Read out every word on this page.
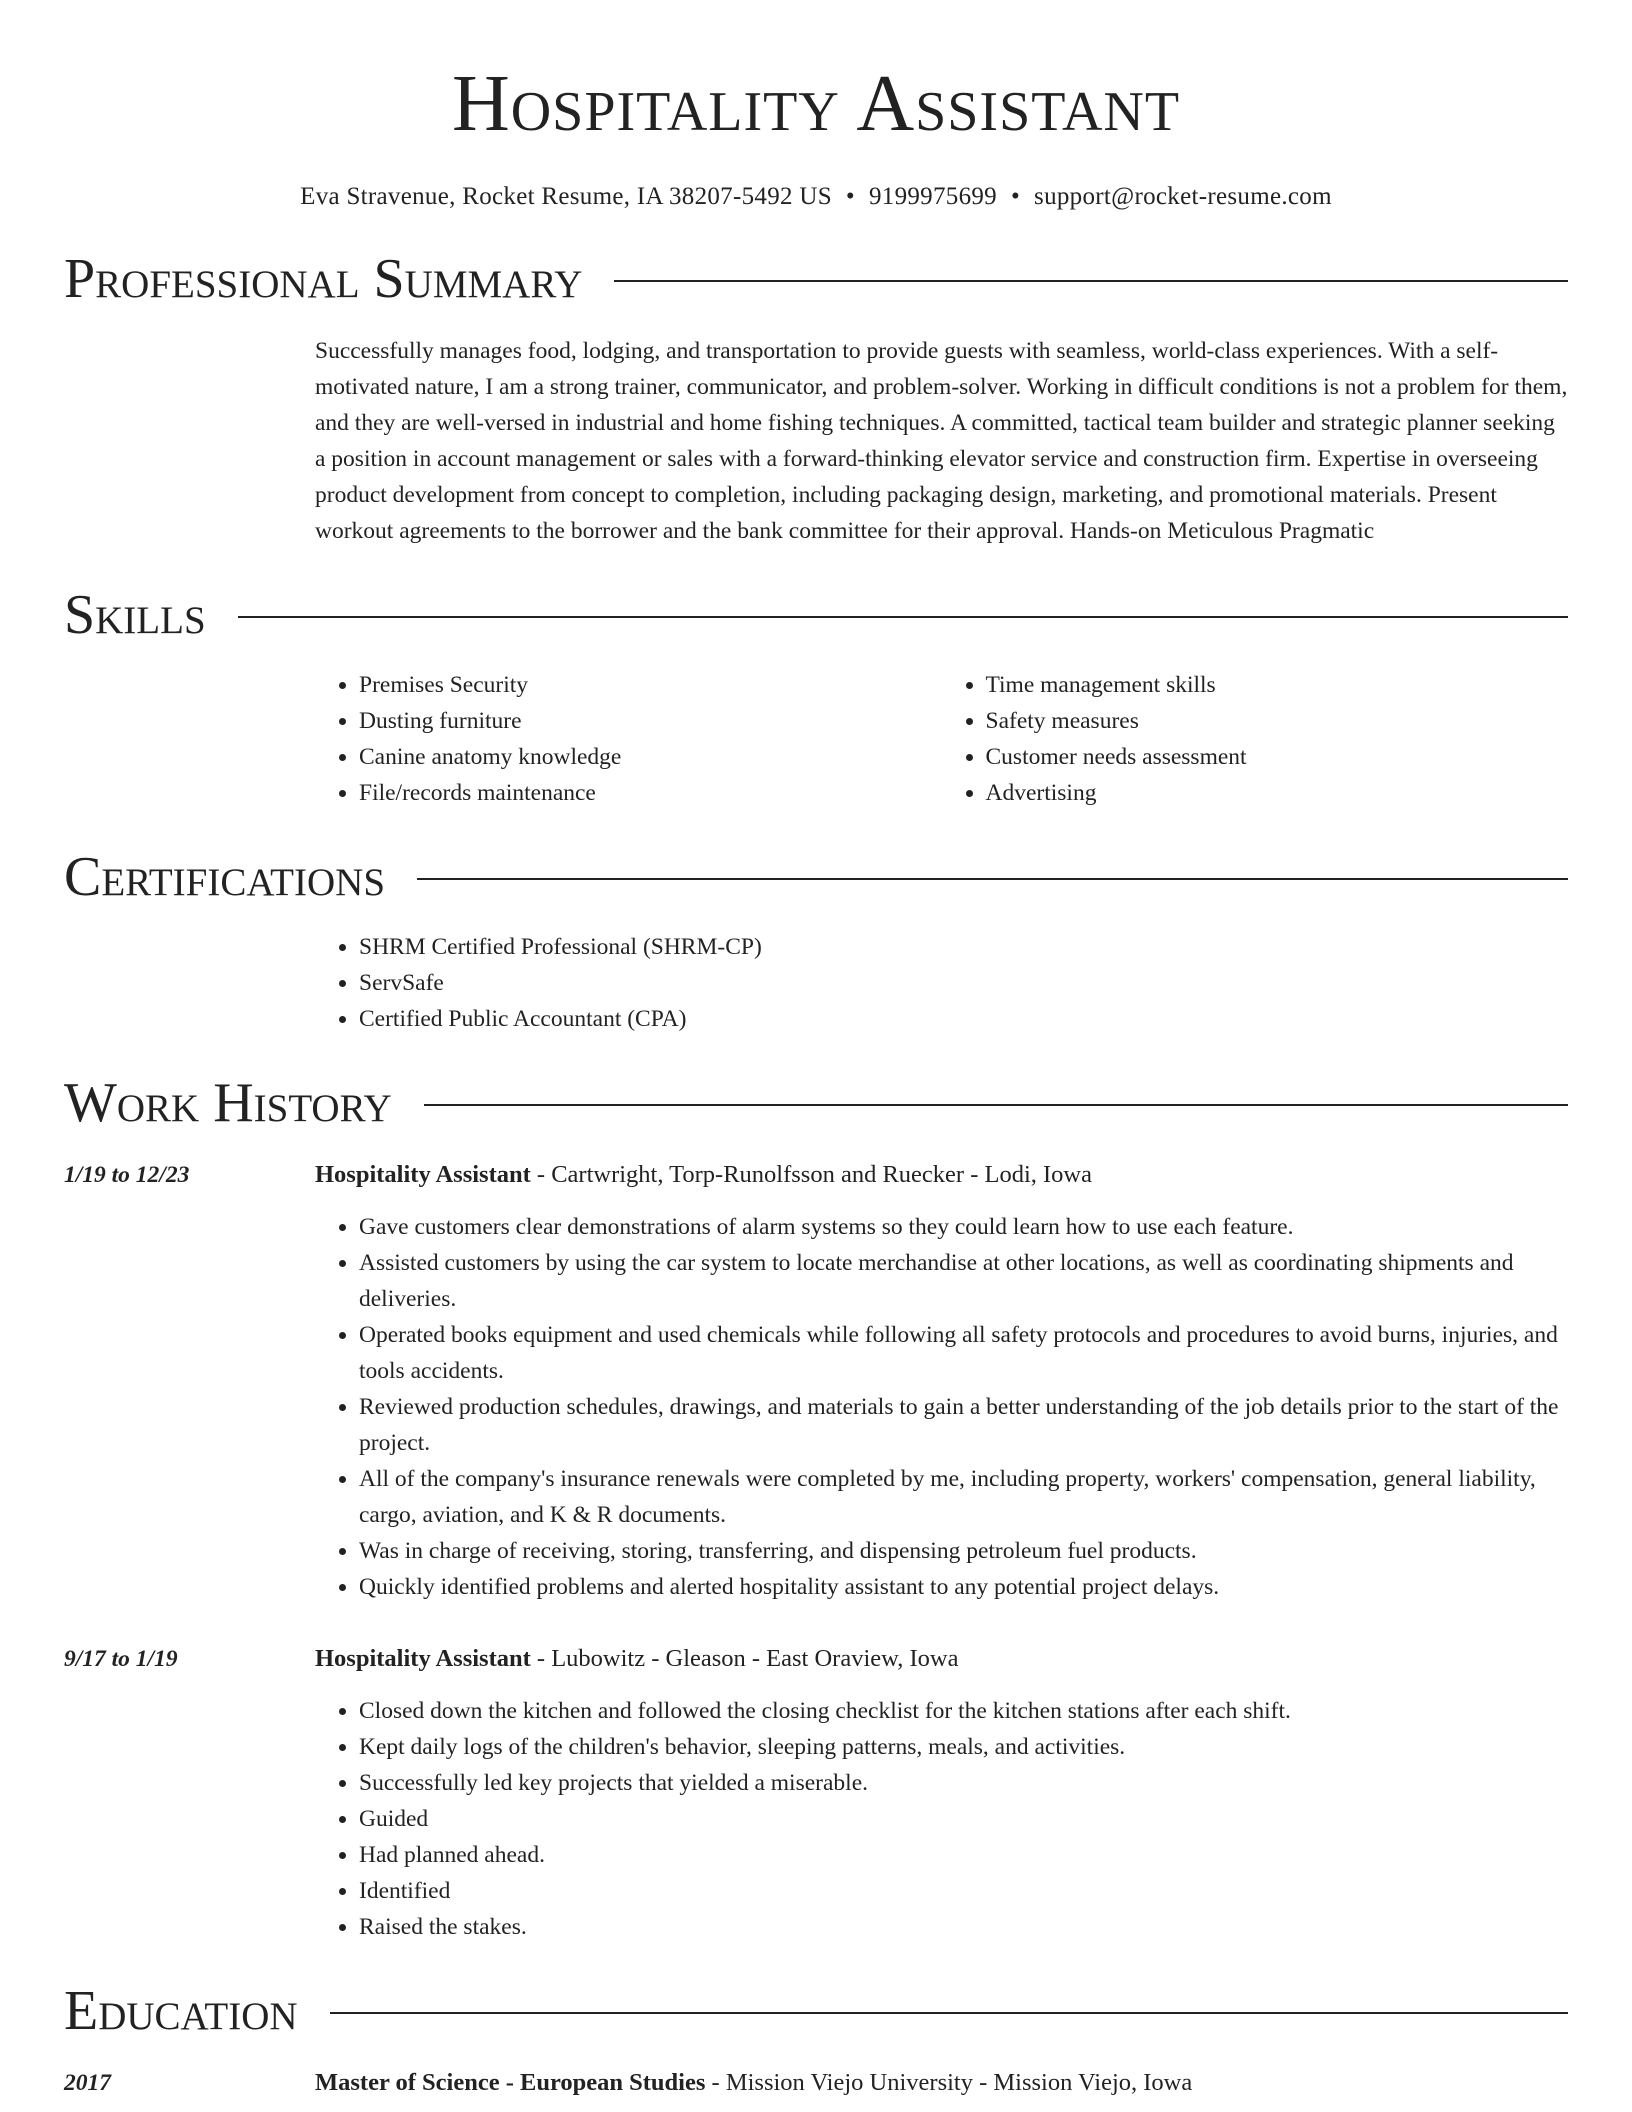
Hospitality Assistant
Eva Stravenue, Rocket Resume, IA 38207-5492 US • 9199975699 • support@rocket-resume.com
Professional Summary
Successfully manages food, lodging, and transportation to provide guests with seamless, world-class experiences. With a self-motivated nature, I am a strong trainer, communicator, and problem-solver. Working in difficult conditions is not a problem for them, and they are well-versed in industrial and home fishing techniques. A committed, tactical team builder and strategic planner seeking a position in account management or sales with a forward-thinking elevator service and construction firm. Expertise in overseeing product development from concept to completion, including packaging design, marketing, and promotional materials. Present workout agreements to the borrower and the bank committee for their approval. Hands-on Meticulous Pragmatic
Skills
• Premises Security
• Dusting furniture
• Canine anatomy knowledge
• File/records maintenance
• Time management skills
• Safety measures
• Customer needs assessment
• Advertising
Certifications
• SHRM Certified Professional (SHRM-CP)
• ServSafe
• Certified Public Accountant (CPA)
Work History
1/19 to 12/23	Hospitality Assistant - Cartwright, Torp-Runolfsson and Ruecker - Lodi, Iowa
• Gave customers clear demonstrations of alarm systems so they could learn how to use each feature.
• Assisted customers by using the car system to locate merchandise at other locations, as well as coordinating shipments and deliveries.
• Operated books equipment and used chemicals while following all safety protocols and procedures to avoid burns, injuries, and tools accidents.
• Reviewed production schedules, drawings, and materials to gain a better understanding of the job details prior to the start of the project.
• All of the company's insurance renewals were completed by me, including property, workers' compensation, general liability, cargo, aviation, and K & R documents.
• Was in charge of receiving, storing, transferring, and dispensing petroleum fuel products.
• Quickly identified problems and alerted hospitality assistant to any potential project delays.
9/17 to 1/19	Hospitality Assistant - Lubowitz - Gleason - East Oraview, Iowa
• Closed down the kitchen and followed the closing checklist for the kitchen stations after each shift.
• Kept daily logs of the children's behavior, sleeping patterns, meals, and activities.
• Successfully led key projects that yielded a miserable.
• Guided
• Had planned ahead.
• Identified
• Raised the stakes.
Education
2017	Master of Science - European Studies - Mission Viejo University - Mission Viejo, Iowa
